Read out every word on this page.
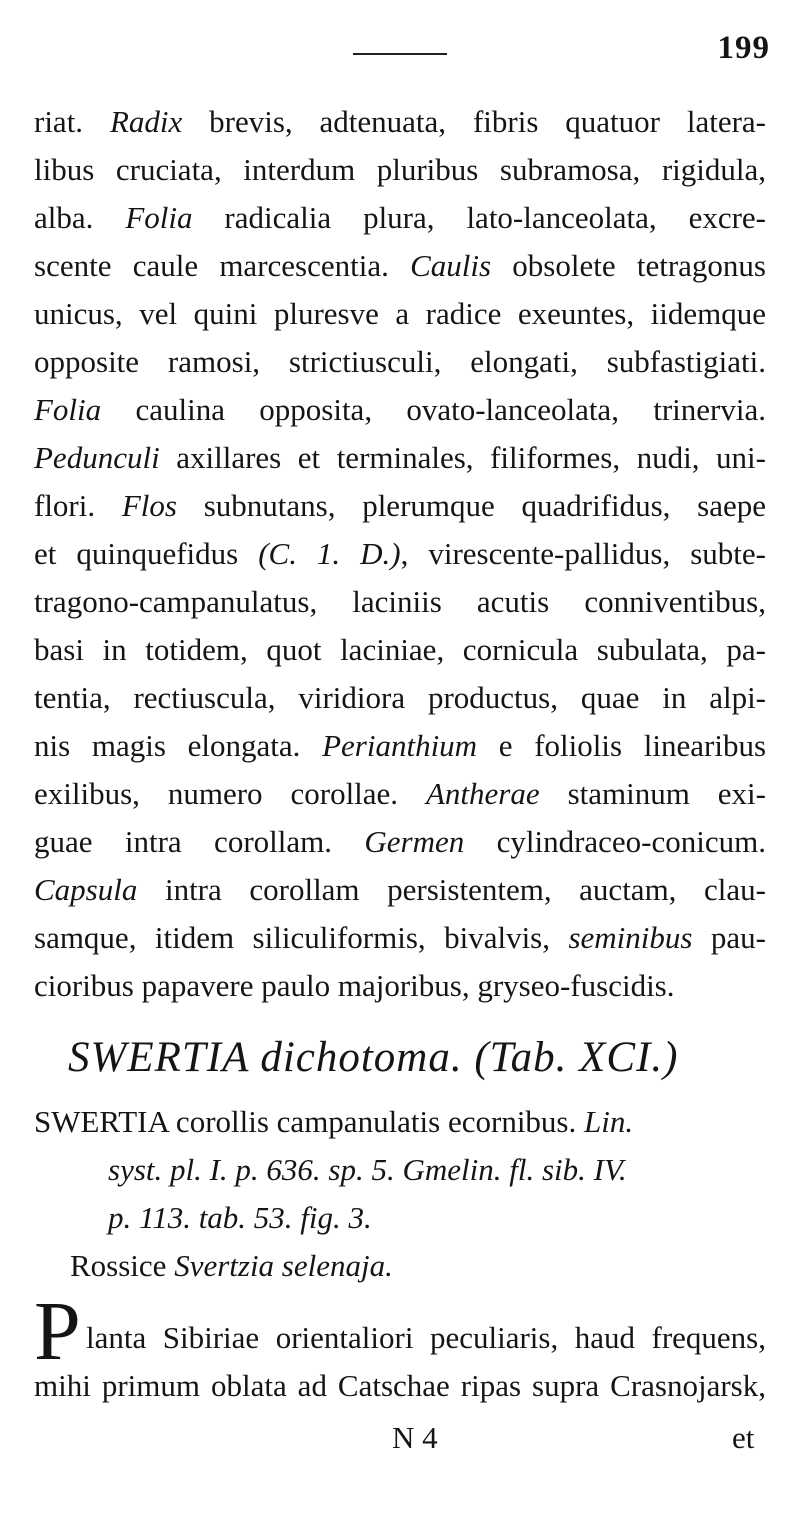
199
riat. Radix brevis, adtenuata, fibris quatuor latera-
libus cruciata, interdum pluribus subramosa, rigidula,
alba. Folia radicalia plura, lato-lanceolata, excre-
scente caule marcescentia. Caulis obsolete tetragonus
unicus, vel quini pluresve a radice exeuntes, iidemque
opposite ramosi, strictiusculi, elongati, subfastigiati.
Folia caulina opposita, ovato-lanceolata, trinervia.
Pedunculi axillares et terminales, filiformes, nudi, uni-
flori. Flos subnutans, plerumque quadrifidus, saepe
et quinquefidus (C. 1. D.), virescente-pallidus, subte-
tragono-campanulatus, laciniis acutis conniventibus,
basi in totidem, quot laciniae, cornicula subulata, pa-
tentia, rectiuscula, viridiora productus, quae in alpi-
nis magis elongata. Perianthium e foliolis linearibus
exilibus, numero corollae. Antherae staminum exi-
guae intra corollam. Germen cylindraceo-conicum.
Capsula intra corollam persistentem, auctam, clau-
samque, itidem siliculiformis, bivalvis, seminibus pau-
cioribus papavere paulo majoribus, gryseo-fuscidis.
SWERTIA dichotoma. (Tab. XCI.)
SWERTIA corollis campanulatis ecornibus. Lin.
syst. pl. I. p. 636. sp. 5. Gmelin. fl. sib. IV.
p. 113. tab. 53. fig. 3.
Rossice Svertzia selenaja.
P lanta Sibiriae orientaliori peculiaris, haud frequens,
mihi primum oblata ad Catschae ripas supra Crasnojarsk,
N 4	et
